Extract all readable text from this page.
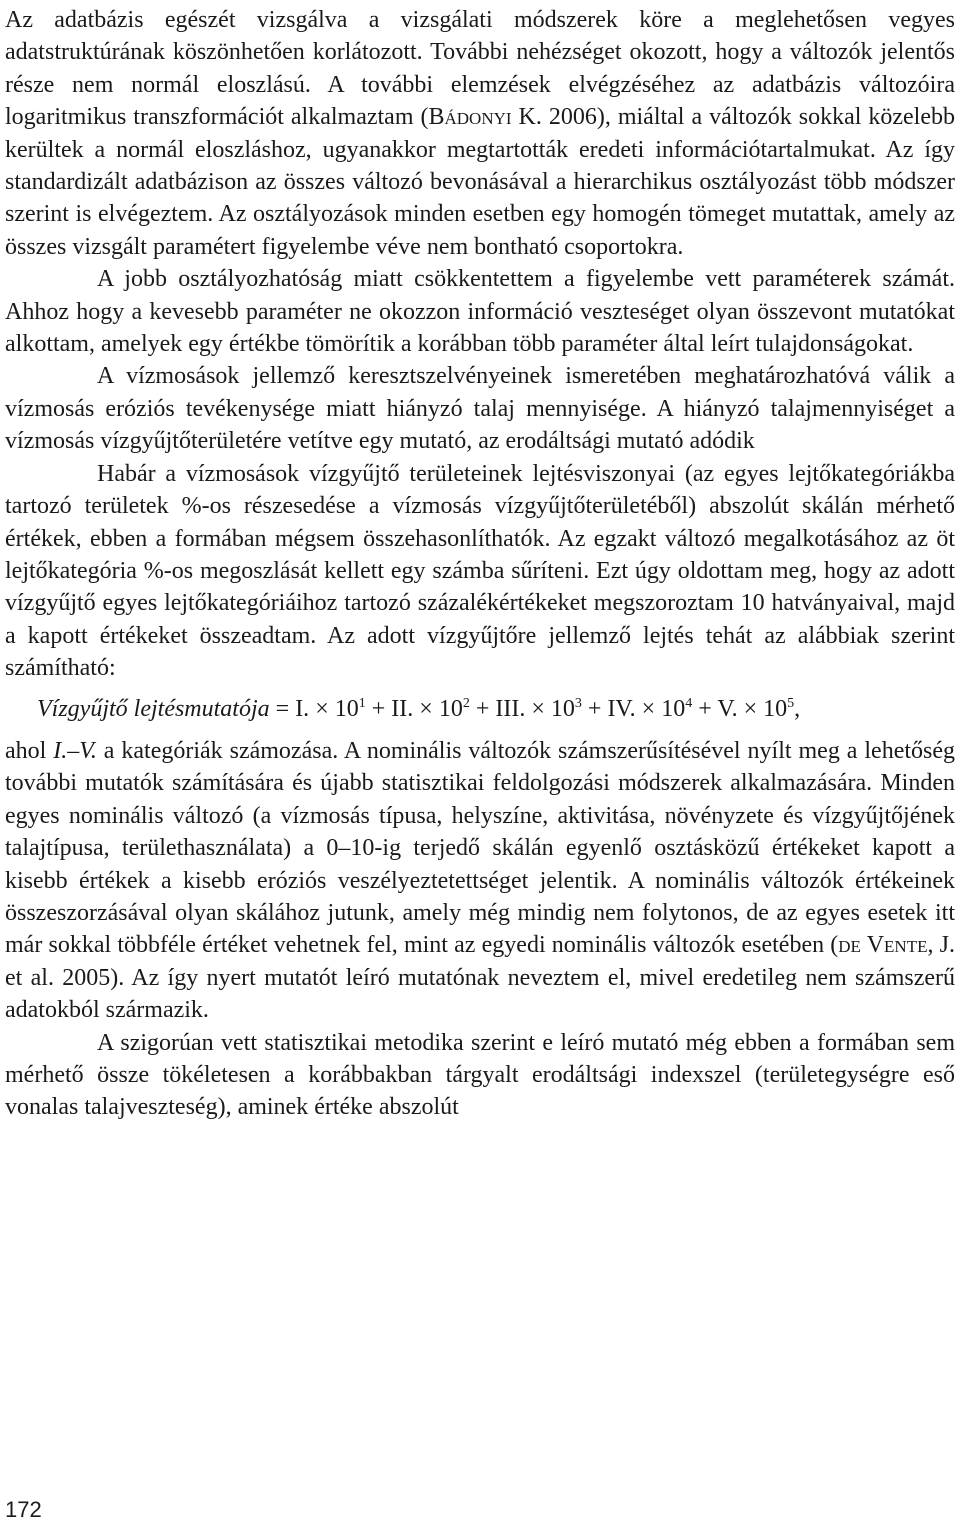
Az adatbázis egészét vizsgálva a vizsgálati módszerek köre a meglehetősen vegyes adatstruktúrának köszönhetően korlátozott. További nehézséget okozott, hogy a változók jelentős része nem normál eloszlású. A további elemzések elvégzéséhez az adatbázis változóira logaritmikus transzformációt alkalmaztam (Bádonyi K. 2006), miáltal a változók sokkal közelebb kerültek a normál eloszláshoz, ugyanakkor megtartották eredeti információtartalmukat. Az így standardizált adatbázison az összes változó bevonásával a hierarchikus osztályozást több módszer szerint is elvégeztem. Az osztályozások minden esetben egy homogén tömeget mutattak, amely az összes vizsgált paramétert figyelembe véve nem bontható csoportokra.

A jobb osztályozhatóság miatt csökkentettem a figyelembe vett paraméterek számát. Ahhoz hogy a kevesebb paraméter ne okozzon információ veszteséget olyan összevont mutatókat alkottam, amelyek egy értékbe tömörítik a korábban több paraméter által leírt tulajdonságokat.

A vízmosások jellemző keresztszelvényeinek ismeretében meghatározhatóvá válik a vízmosás eróziós tevékenysége miatt hiányzó talaj mennyisége. A hiányzó talajmennyiséget a vízmosás vízgyűjtőterületére vetítve egy mutató, az erodáltsági mutató adódik

Habár a vízmosások vízgyűjtő területeinek lejtésviszonyai (az egyes lejtőkategóriákba tartozó területek %-os részesedése a vízmosás vízgyűjtőterületéből) abszolút skálán mérhető értékek, ebben a formában mégsem összehasonlíthatók. Az egzakt változó megalkotásához az öt lejtőkategória %-os megoszlását kellett egy számba sűríteni. Ezt úgy oldottam meg, hogy az adott vízgyűjtő egyes lejtőkategóriáihoz tartozó százalékértékeket megszoroztam 10 hatványaival, majd a kapott értékeket összeadtam. Az adott vízgyűjtőre jellemző lejtés tehát az alábbiak szerint számítható:

Vízgyűjtő lejtésmutatója = I. × $10^1$ + II. × $10^2$ + III. × $10^3$ + IV. × $10^4 + V$. × $10^5$,

ahol I.–V. a kategóriák számozása. A nominális változók számszerűsítésével nyílt meg a lehetőség további mutatók számítására és újabb statisztikai feldolgozási módszerek alkalmazására. Minden egyes nominális változó (a vízmosás típusa, helyszíne, aktivitása, növényzete és vízgyűjtőjének talajtípusa, területhasználata) a 0–10-ig terjedő skálán egyenlő osztásközű értékeket kapott a kisebb értékek a kisebb eróziós veszélyeztetettséget jelentik. A nominális változók értékeinek összeszorzásával olyan skálához jutunk, amely még mindig nem folytonos, de az egyes esetek itt már sokkal többféle értéket vehetnek fel, mint az egyedi nominális változók esetében (de Vente, J. et al. 2005). Az így nyert mutatót leíró mutatónak neveztem el, mivel eredetileg nem számszerű adatokból származik.

A szigorúan vett statisztikai metodika szerint e leíró mutató még ebben a formában sem mérhető össze tökéletesen a korábbakban tárgyalt erodáltsági indexszel (területegységre eső vonalas talajveszteség), aminek értéke abszolút

172
